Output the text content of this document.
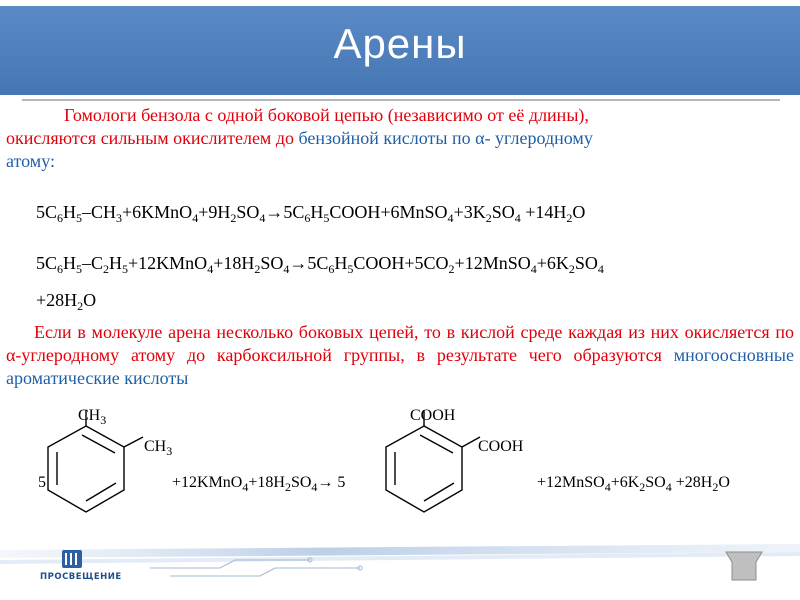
Арены
Гомологи бензола с одной боковой цепью (независимо от её длины),
окисляются сильным окислителем до бензойной кислоты по α- углеродному
атому:
$5C_6H_5-CH_3+6KMnO_4+9H_2SO_4\to 5C_6H_5COOH+6MnSO_4+3K_2SO_4 +14H_2O$
$5C_6H_5-C_2H_5+12KMnO_4+18H_2SO_4\to 5C_6H_5COOH+5CO_2+12MnSO_4+6K_2SO_4$
$+28H_2O$
Если в молекуле арена несколько боковых цепей, то в кислой среде каждая из них окисляется по α-углеродному атому до карбоксильной группы, в результате чего образуются многоосновные ароматические кислоты
$CH_3$
$CH_3$
5	$+12KMnO_4+18H_2SO_4\to 5$
COOH
COOH
$+12MnSO_4+6K_2SO_4 +28H_2O$
ПРОСВЕЩЕНИЕ
